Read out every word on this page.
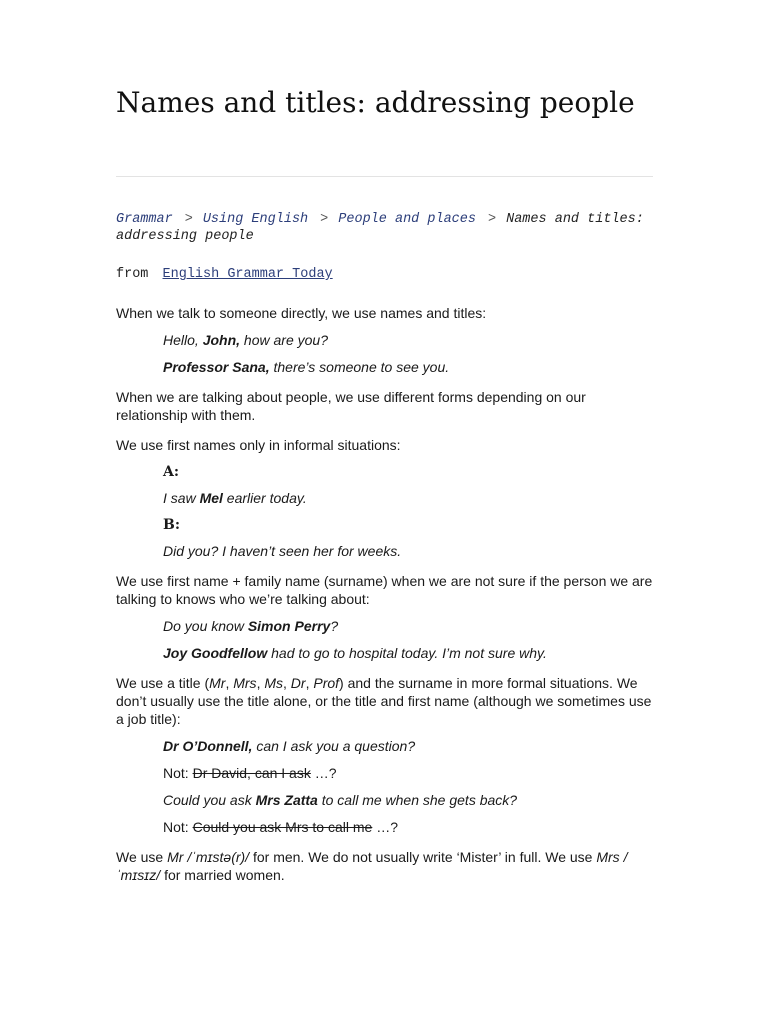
Names and titles: addressing people
Grammar > Using English > People and places > Names and titles: addressing people
from English Grammar Today

When we talk to someone directly, we use names and titles:

Hello, John, how are you?

Professor Sana, there’s someone to see you.

When we are talking about people, we use different forms depending on our relationship with them.

We use first names only in informal situations:

A:

I saw Mel earlier today.

B:

Did you? I haven’t seen her for weeks.

We use first name + family name (surname) when we are not sure if the person we are talking to knows who we’re talking about:

Do you know Simon Perry?

Joy Goodfellow had to go to hospital today. I’m not sure why.

We use a title (Mr, Mrs, Ms, Dr, Prof) and the surname in more formal situations. We don’t usually use the title alone, or the title and first name (although we sometimes use a job title):

Dr O’Donnell, can I ask you a question?

Not: Dr David, can I ask …?

Could you ask Mrs Zatta to call me when she gets back?

Not: Could you ask Mrs to call me …?

We use Mr /ˈmɪstə(r)/ for men. We do not usually write ‘Mister’ in full. We use Mrs /ˈmɪsɪz/ for married women.
